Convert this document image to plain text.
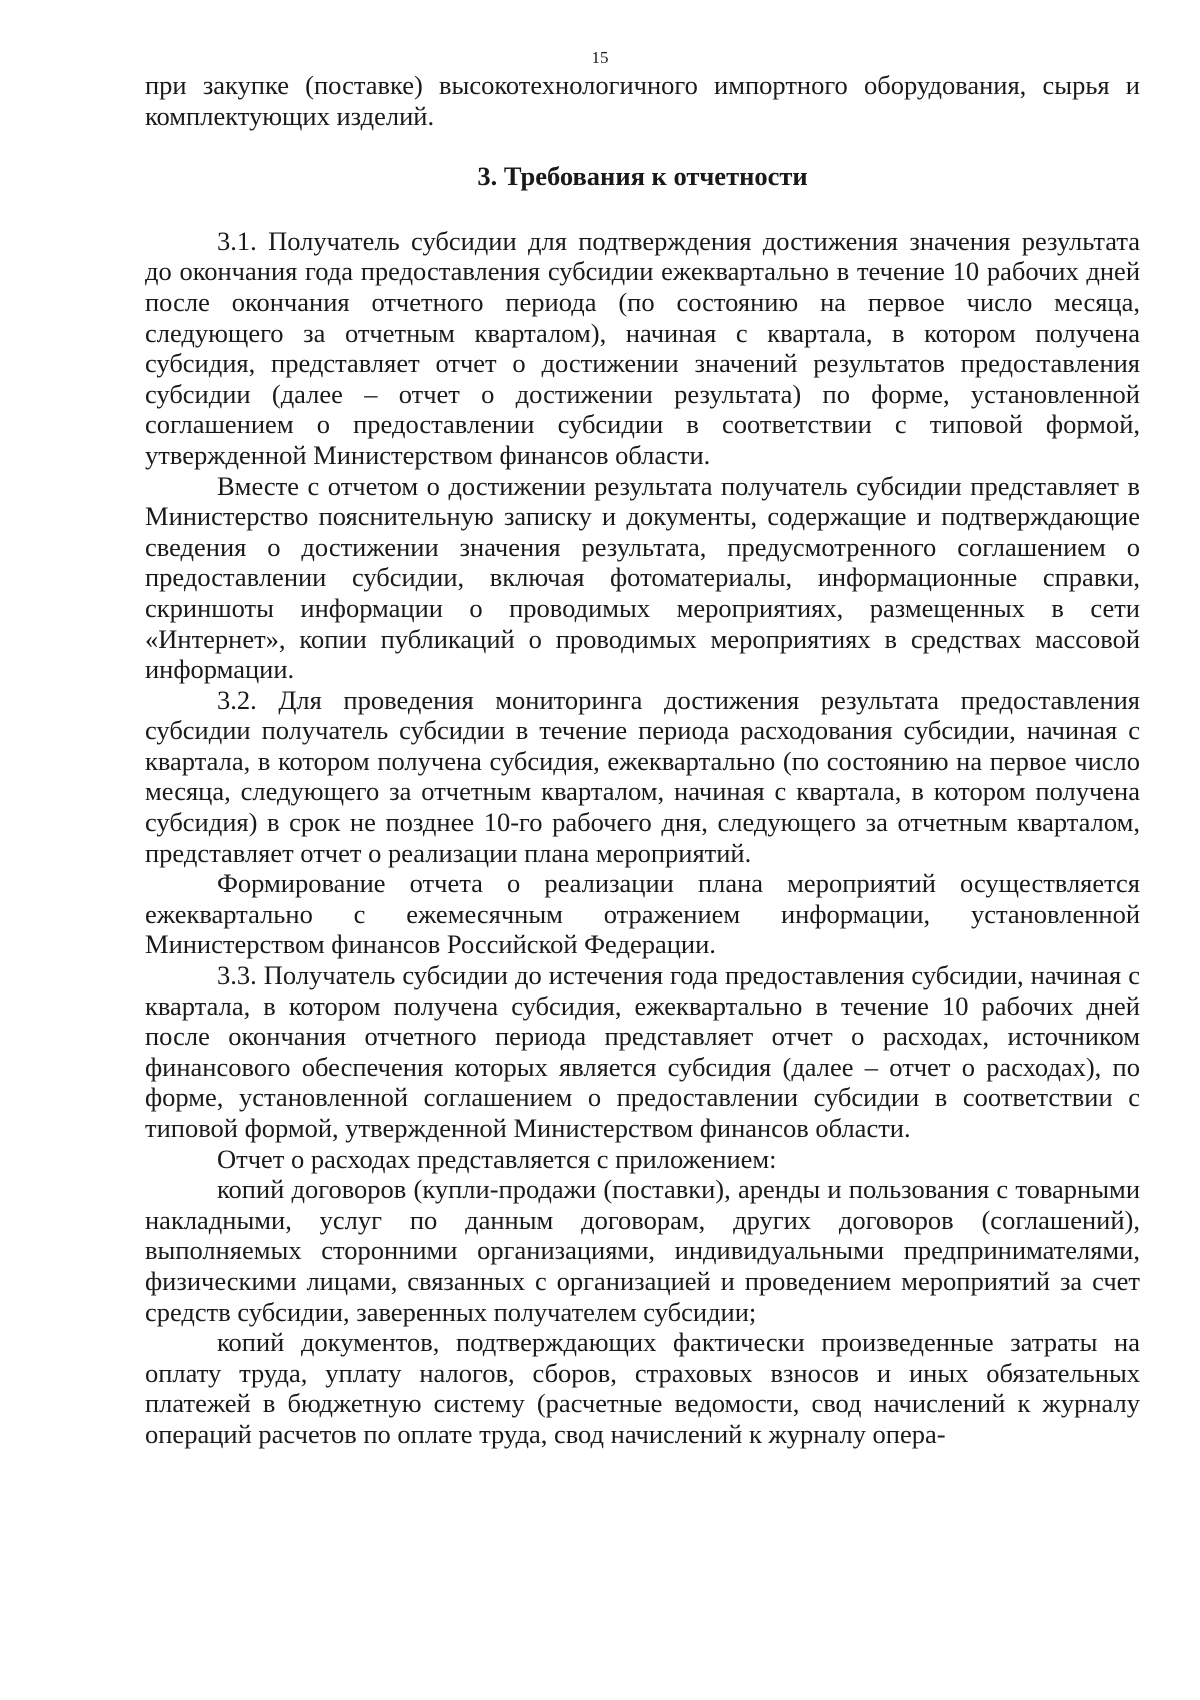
15

при закупке (поставке) высокотехнологичного импортного оборудования, сырья и комплектующих изделий.

3. Требования к отчетности

3.1. Получатель субсидии для подтверждения достижения значения результата до окончания года предоставления субсидии ежеквартально в течение 10 рабочих дней после окончания отчетного периода (по состоянию на первое число месяца, следующего за отчетным кварталом), начиная с квартала, в котором получена субсидия, представляет отчет о достижении значений результатов предоставления субсидии (далее – отчет о достижении результата) по форме, установленной соглашением о предоставлении субсидии в соответствии с типовой формой, утвержденной Министерством финансов области.

Вместе с отчетом о достижении результата получатель субсидии представляет в Министерство пояснительную записку и документы, содержащие и подтверждающие сведения о достижении значения результата, предусмотренного соглашением о предоставлении субсидии, включая фотоматериалы, информационные справки, скриншоты информации о проводимых мероприятиях, размещенных в сети «Интернет», копии публикаций о проводимых мероприятиях в средствах массовой информации.

3.2. Для проведения мониторинга достижения результата предоставления субсидии получатель субсидии в течение периода расходования субсидии, начиная с квартала, в котором получена субсидия, ежеквартально (по состоянию на первое число месяца, следующего за отчетным кварталом, начиная с квартала, в котором получена субсидия) в срок не позднее 10-го рабочего дня, следующего за отчетным кварталом, представляет отчет о реализации плана мероприятий.

Формирование отчета о реализации плана мероприятий осуществляется ежеквартально с ежемесячным отражением информации, установленной Министерством финансов Российской Федерации.

3.3. Получатель субсидии до истечения года предоставления субсидии, начиная с квартала, в котором получена субсидия, ежеквартально в течение 10 рабочих дней после окончания отчетного периода представляет отчет о расходах, источником финансового обеспечения которых является субсидия (далее – отчет о расходах), по форме, установленной соглашением о предоставлении субсидии в соответствии с типовой формой, утвержденной Министерством финансов области.

Отчет о расходах представляется с приложением:

копий договоров (купли-продажи (поставки), аренды и пользования с товарными накладными, услуг по данным договорам, других договоров (соглашений), выполняемых сторонними организациями, индивидуальными предпринимателями, физическими лицами, связанных с организацией и проведением мероприятий за счет средств субсидии, заверенных получателем субсидии;

копий документов, подтверждающих фактически произведенные затраты на оплату труда, уплату налогов, сборов, страховых взносов и иных обязательных платежей в бюджетную систему (расчетные ведомости, свод начислений к журналу операций расчетов по оплате труда, свод начислений к журналу опера-
